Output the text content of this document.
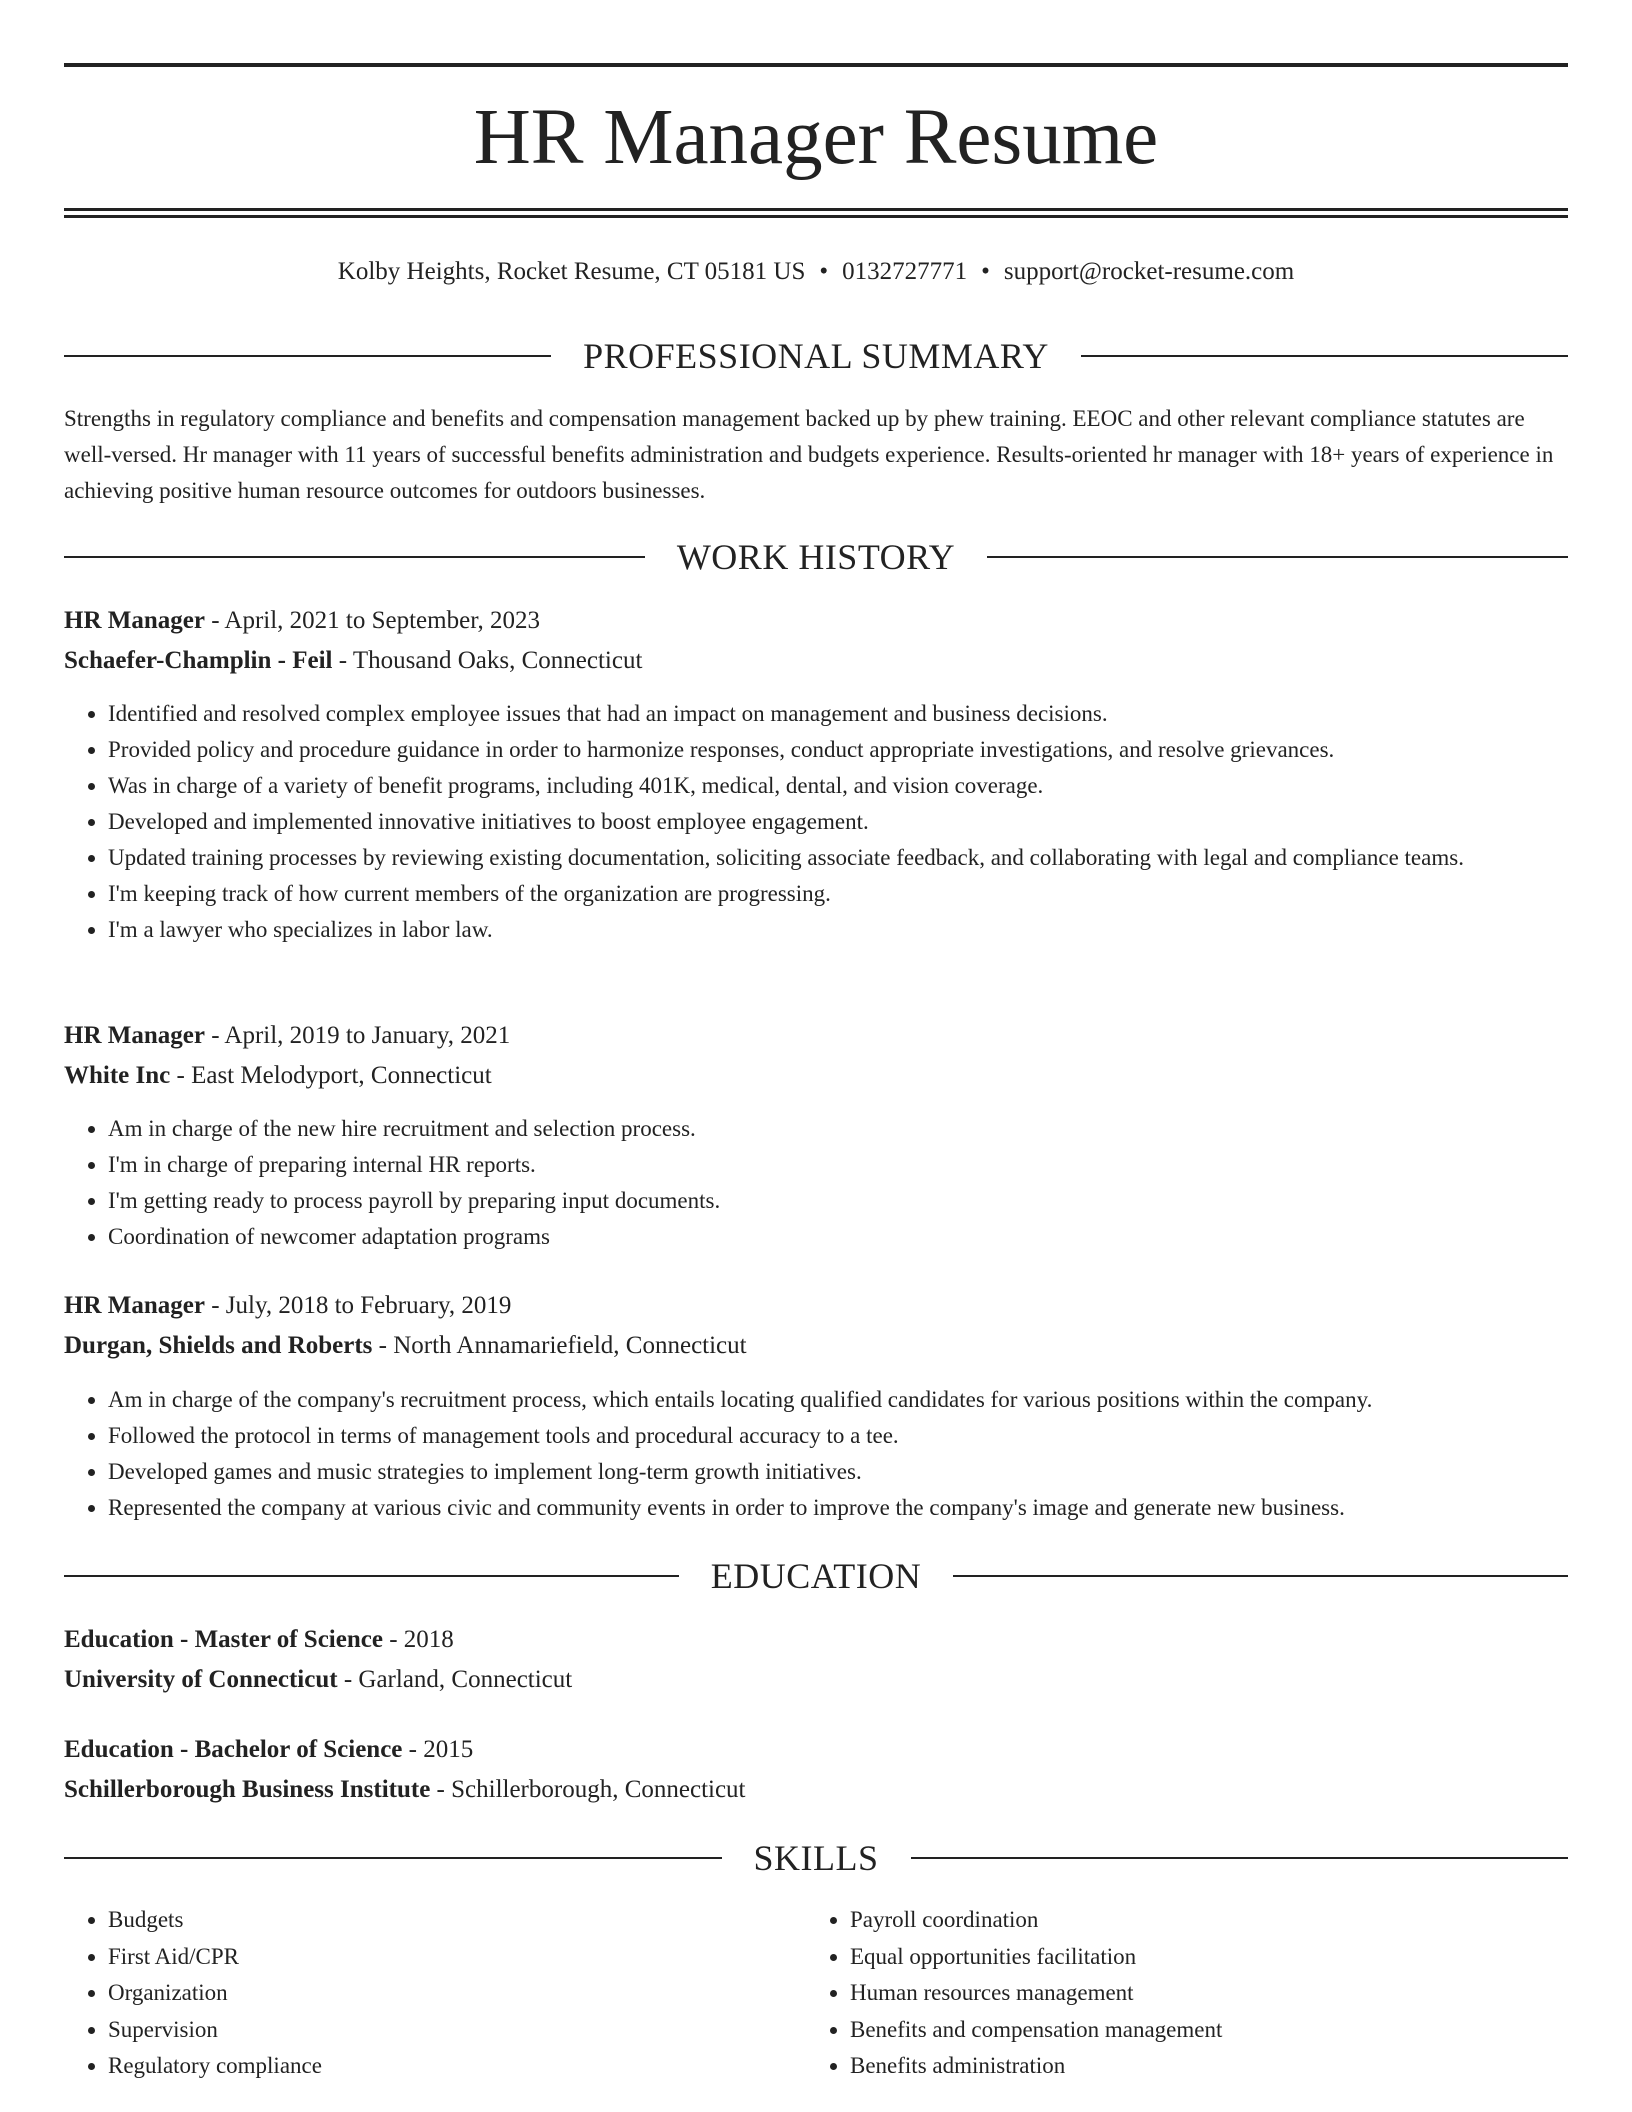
HR Manager Resume
Kolby Heights, Rocket Resume, CT 05181 US • 0132727771 • support@rocket-resume.com
PROFESSIONAL SUMMARY
Strengths in regulatory compliance and benefits and compensation management backed up by phew training. EEOC and other relevant compliance statutes are well-versed. Hr manager with 11 years of successful benefits administration and budgets experience. Results-oriented hr manager with 18+ years of experience in achieving positive human resource outcomes for outdoors businesses.
WORK HISTORY
HR Manager - April, 2021 to September, 2023
Schaefer-Champlin - Feil - Thousand Oaks, Connecticut
• Identified and resolved complex employee issues that had an impact on management and business decisions.
• Provided policy and procedure guidance in order to harmonize responses, conduct appropriate investigations, and resolve grievances.
• Was in charge of a variety of benefit programs, including 401K, medical, dental, and vision coverage.
• Developed and implemented innovative initiatives to boost employee engagement.
• Updated training processes by reviewing existing documentation, soliciting associate feedback, and collaborating with legal and compliance teams.
• I'm keeping track of how current members of the organization are progressing.
• I'm a lawyer who specializes in labor law.
HR Manager - April, 2019 to January, 2021
White Inc - East Melodyport, Connecticut
• Am in charge of the new hire recruitment and selection process.
• I'm in charge of preparing internal HR reports.
• I'm getting ready to process payroll by preparing input documents.
• Coordination of newcomer adaptation programs
HR Manager - July, 2018 to February, 2019
Durgan, Shields and Roberts - North Annamariefield, Connecticut
• Am in charge of the company's recruitment process, which entails locating qualified candidates for various positions within the company.
• Followed the protocol in terms of management tools and procedural accuracy to a tee.
• Developed games and music strategies to implement long-term growth initiatives.
• Represented the company at various civic and community events in order to improve the company's image and generate new business.
EDUCATION
Education - Master of Science - 2018
University of Connecticut - Garland, Connecticut
Education - Bachelor of Science - 2015
Schillerborough Business Institute - Schillerborough, Connecticut
SKILLS
• Budgets
• First Aid/CPR
• Organization
• Supervision
• Regulatory compliance
• Payroll coordination
• Equal opportunities facilitation
• Human resources management
• Benefits and compensation management
• Benefits administration
